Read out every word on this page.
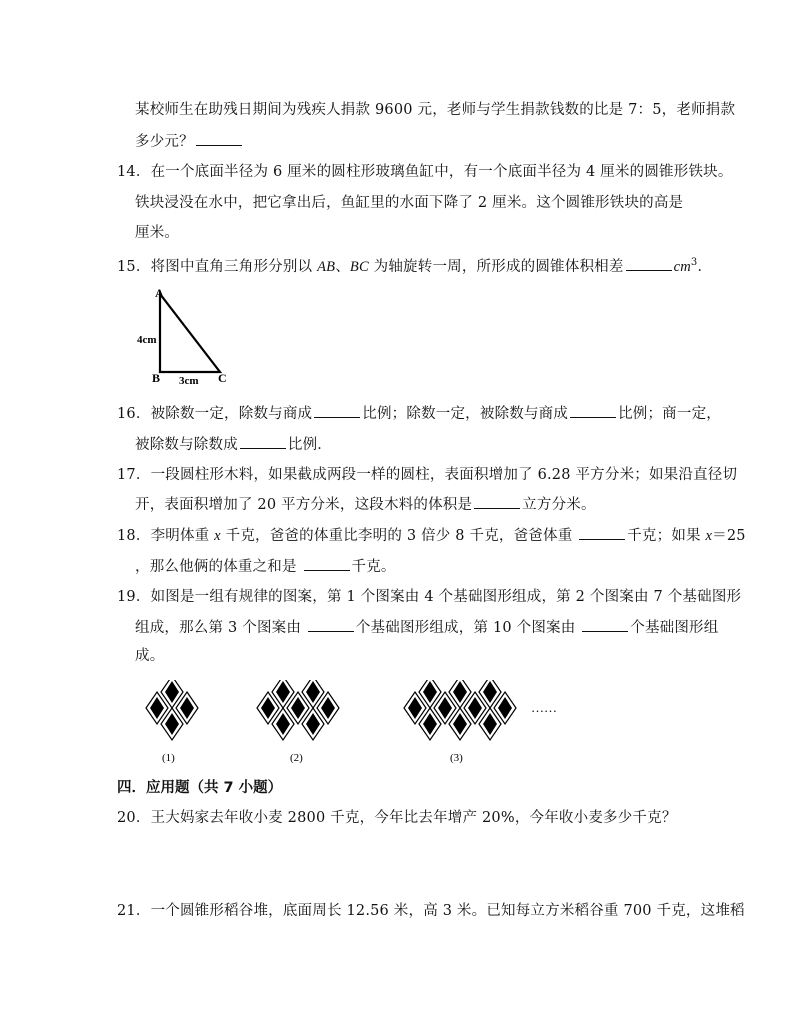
某校师生在助残日期间为残疾人捐款 9600 元，老师与学生捐款钱数的比是 7：5，老师捐款
多少元？
14．在一个底面半径为 6 厘米的圆柱形玻璃鱼缸中，有一个底面半径为 4 厘米的圆锥形铁块。
铁块浸没在水中，把它拿出后，鱼缸里的水面下降了 2 厘米。这个圆锥形铁块的高是
厘米。
15．将图中直角三角形分别以 AB、BC 为轴旋转一周，所形成的圆锥体积相差	$cm^3$．
A
4cm
B 3cm C
16．被除数一定，除数与商成	比例；除数一定，被除数与商成	比例；商一定，
被除数与除数成	比例．
17．一段圆柱形木料，如果截成两段一样的圆柱，表面积增加了 6.28 平方分米；如果沿直径切
开，表面积增加了 20 平方分米，这段木料的体积是	立方分米。
18．李明体重 x 千克，爸爸的体重比李明的 3 倍少 8 千克，爸爸体重	千克；如果 x＝25
，那么他俩的体重之和是	千克。
19．如图是一组有规律的图案，第 1 个图案由 4 个基础图形组成，第 2 个图案由 7 个基础图形
组成，那么第 3 个图案由	个基础图形组成，第 10 个图案由	个基础图形组
成。
……
(1)	(2)	(3)
四．应用题（共 7 小题）
20．王大妈家去年收小麦 2800 千克，今年比去年增产 20%，今年收小麦多少千克？
21．一个圆锥形稻谷堆，底面周长 12.56 米，高 3 米。已知每立方米稻谷重 700 千克，这堆稻
